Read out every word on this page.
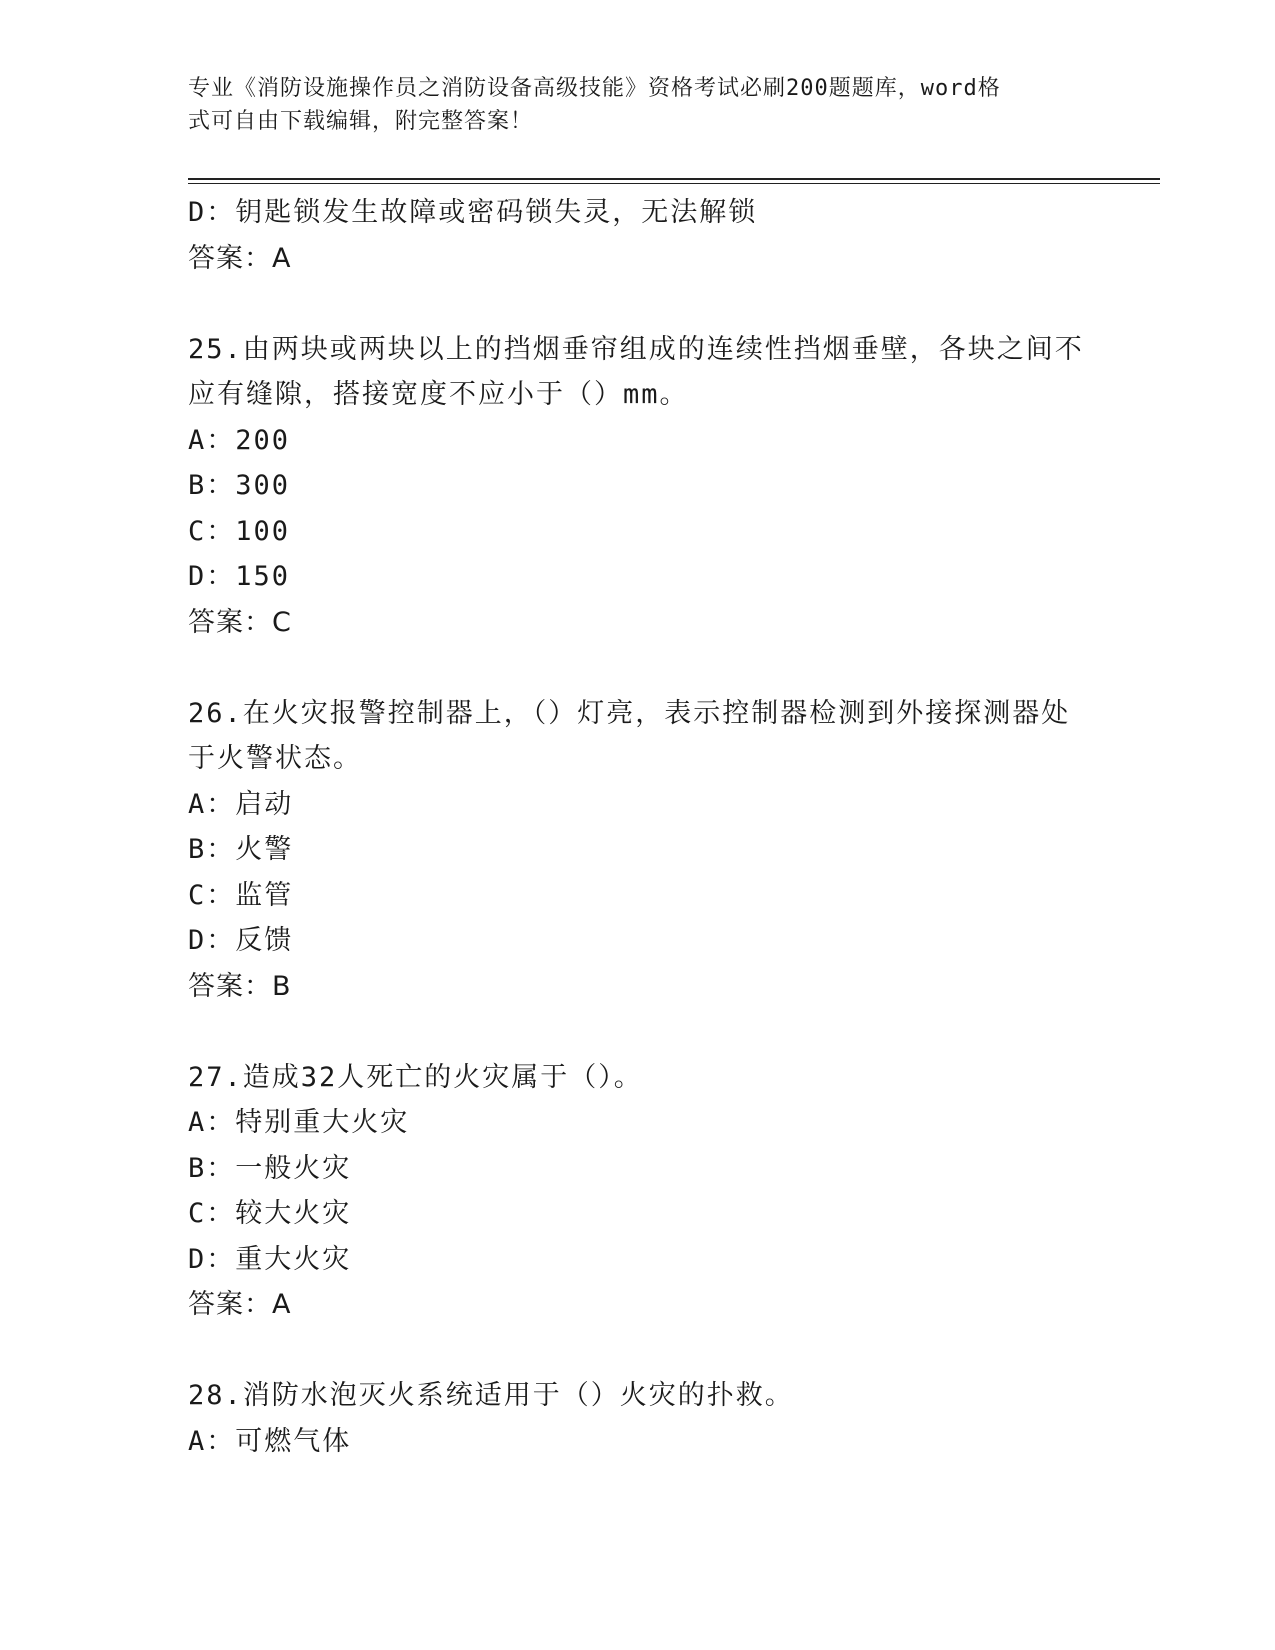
专业《消防设施操作员之消防设备高级技能》资格考试必刷200题题库，word格
式可自由下载编辑，附完整答案！
D：钥匙锁发生故障或密码锁失灵，无法解锁
答案：A
25.由两块或两块以上的挡烟垂帘组成的连续性挡烟垂壁，各块之间不
应有缝隙，搭接宽度不应小于（）mm。
A：200
B：300
C：100
D：150
答案：C
26.在火灾报警控制器上，（）灯亮，表示控制器检测到外接探测器处
于火警状态。
A：启动
B：火警
C：监管
D：反馈
答案：B
27.造成32人死亡的火灾属于（）。
A：特别重大火灾
B：一般火灾
C：较大火灾
D：重大火灾
答案：A
28.消防水泡灭火系统适用于（）火灾的扑救。
A：可燃气体
